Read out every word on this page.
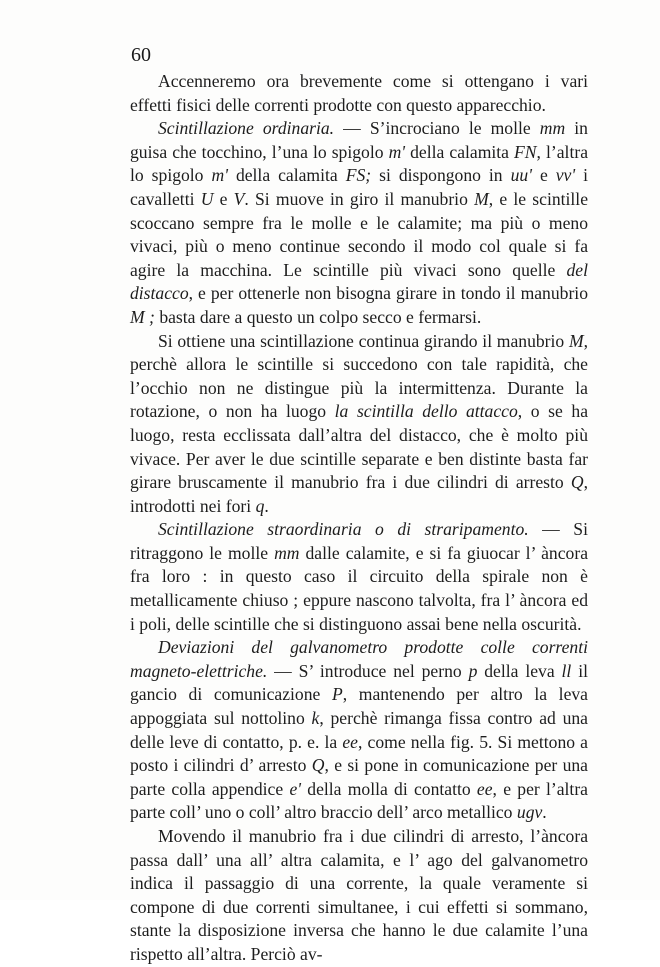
60

Accenneremo ora brevemente come si ottengano i vari effetti fisici delle correnti prodotte con questo apparecchio.

Scintillazione ordinaria. — S’incrociano le molle mm in guisa che tocchino, l’una lo spigolo m' della calamita FN, l’altra lo spigolo m' della calamita FS; si dispongono in uu' e vv' i cavalletti U e V. Si muove in giro il manubrio M, e le scintille scoccano sempre fra le molle e le calamite; ma più o meno vivaci, più o meno continue secondo il modo col quale si fa agire la macchina. Le scintille più vivaci sono quelle del distacco, e per ottenerle non bisogna girare in tondo il manubrio M ; basta dare a questo un colpo secco e fermarsi.

Si ottiene una scintillazione continua girando il manubrio M, perchè allora le scintille si succedono con tale rapidità, che l’occhio non ne distingue più la intermittenza. Durante la rotazione, o non ha luogo la scintilla dello attacco, o se ha luogo, resta ecclissata dall’altra del distacco, che è molto più vivace. Per aver le due scintille separate e ben distinte basta far girare bruscamente il manubrio fra i due cilindri di arresto Q, introdotti nei fori q.

Scintillazione straordinaria o di straripamento. — Si ritraggono le molle mm dalle calamite, e si fa giuocar l’ àncora fra loro : in questo caso il circuito della spirale non è metallicamente chiuso ; eppure nascono talvolta, fra l’ àncora ed i poli, delle scintille che si distinguono assai bene nella oscurità.

Deviazioni del galvanometro prodotte colle correnti magneto-elettriche. — S’ introduce nel perno p della leva ll il gancio di comunicazione P, mantenendo per altro la leva appoggiata sul nottolino k, perchè rimanga fissa contro ad una delle leve di contatto, p. e. la ee, come nella fig. 5. Si mettono a posto i cilindri d’ arresto Q, e si pone in comunicazione per una parte colla appendice e' della molla di contatto ee, e per l’altra parte coll’ uno o coll’ altro braccio dell’ arco metallico ugv.

Movendo il manubrio fra i due cilindri di arresto, l’àncora passa dall’ una all’ altra calamita, e l’ ago del galvanometro indica il passaggio di una corrente, la quale veramente si compone di due correnti simultanee, i cui effetti si sommano, stante la disposizione inversa che hanno le due calamite l’una rispetto all’altra. Perciò av-
